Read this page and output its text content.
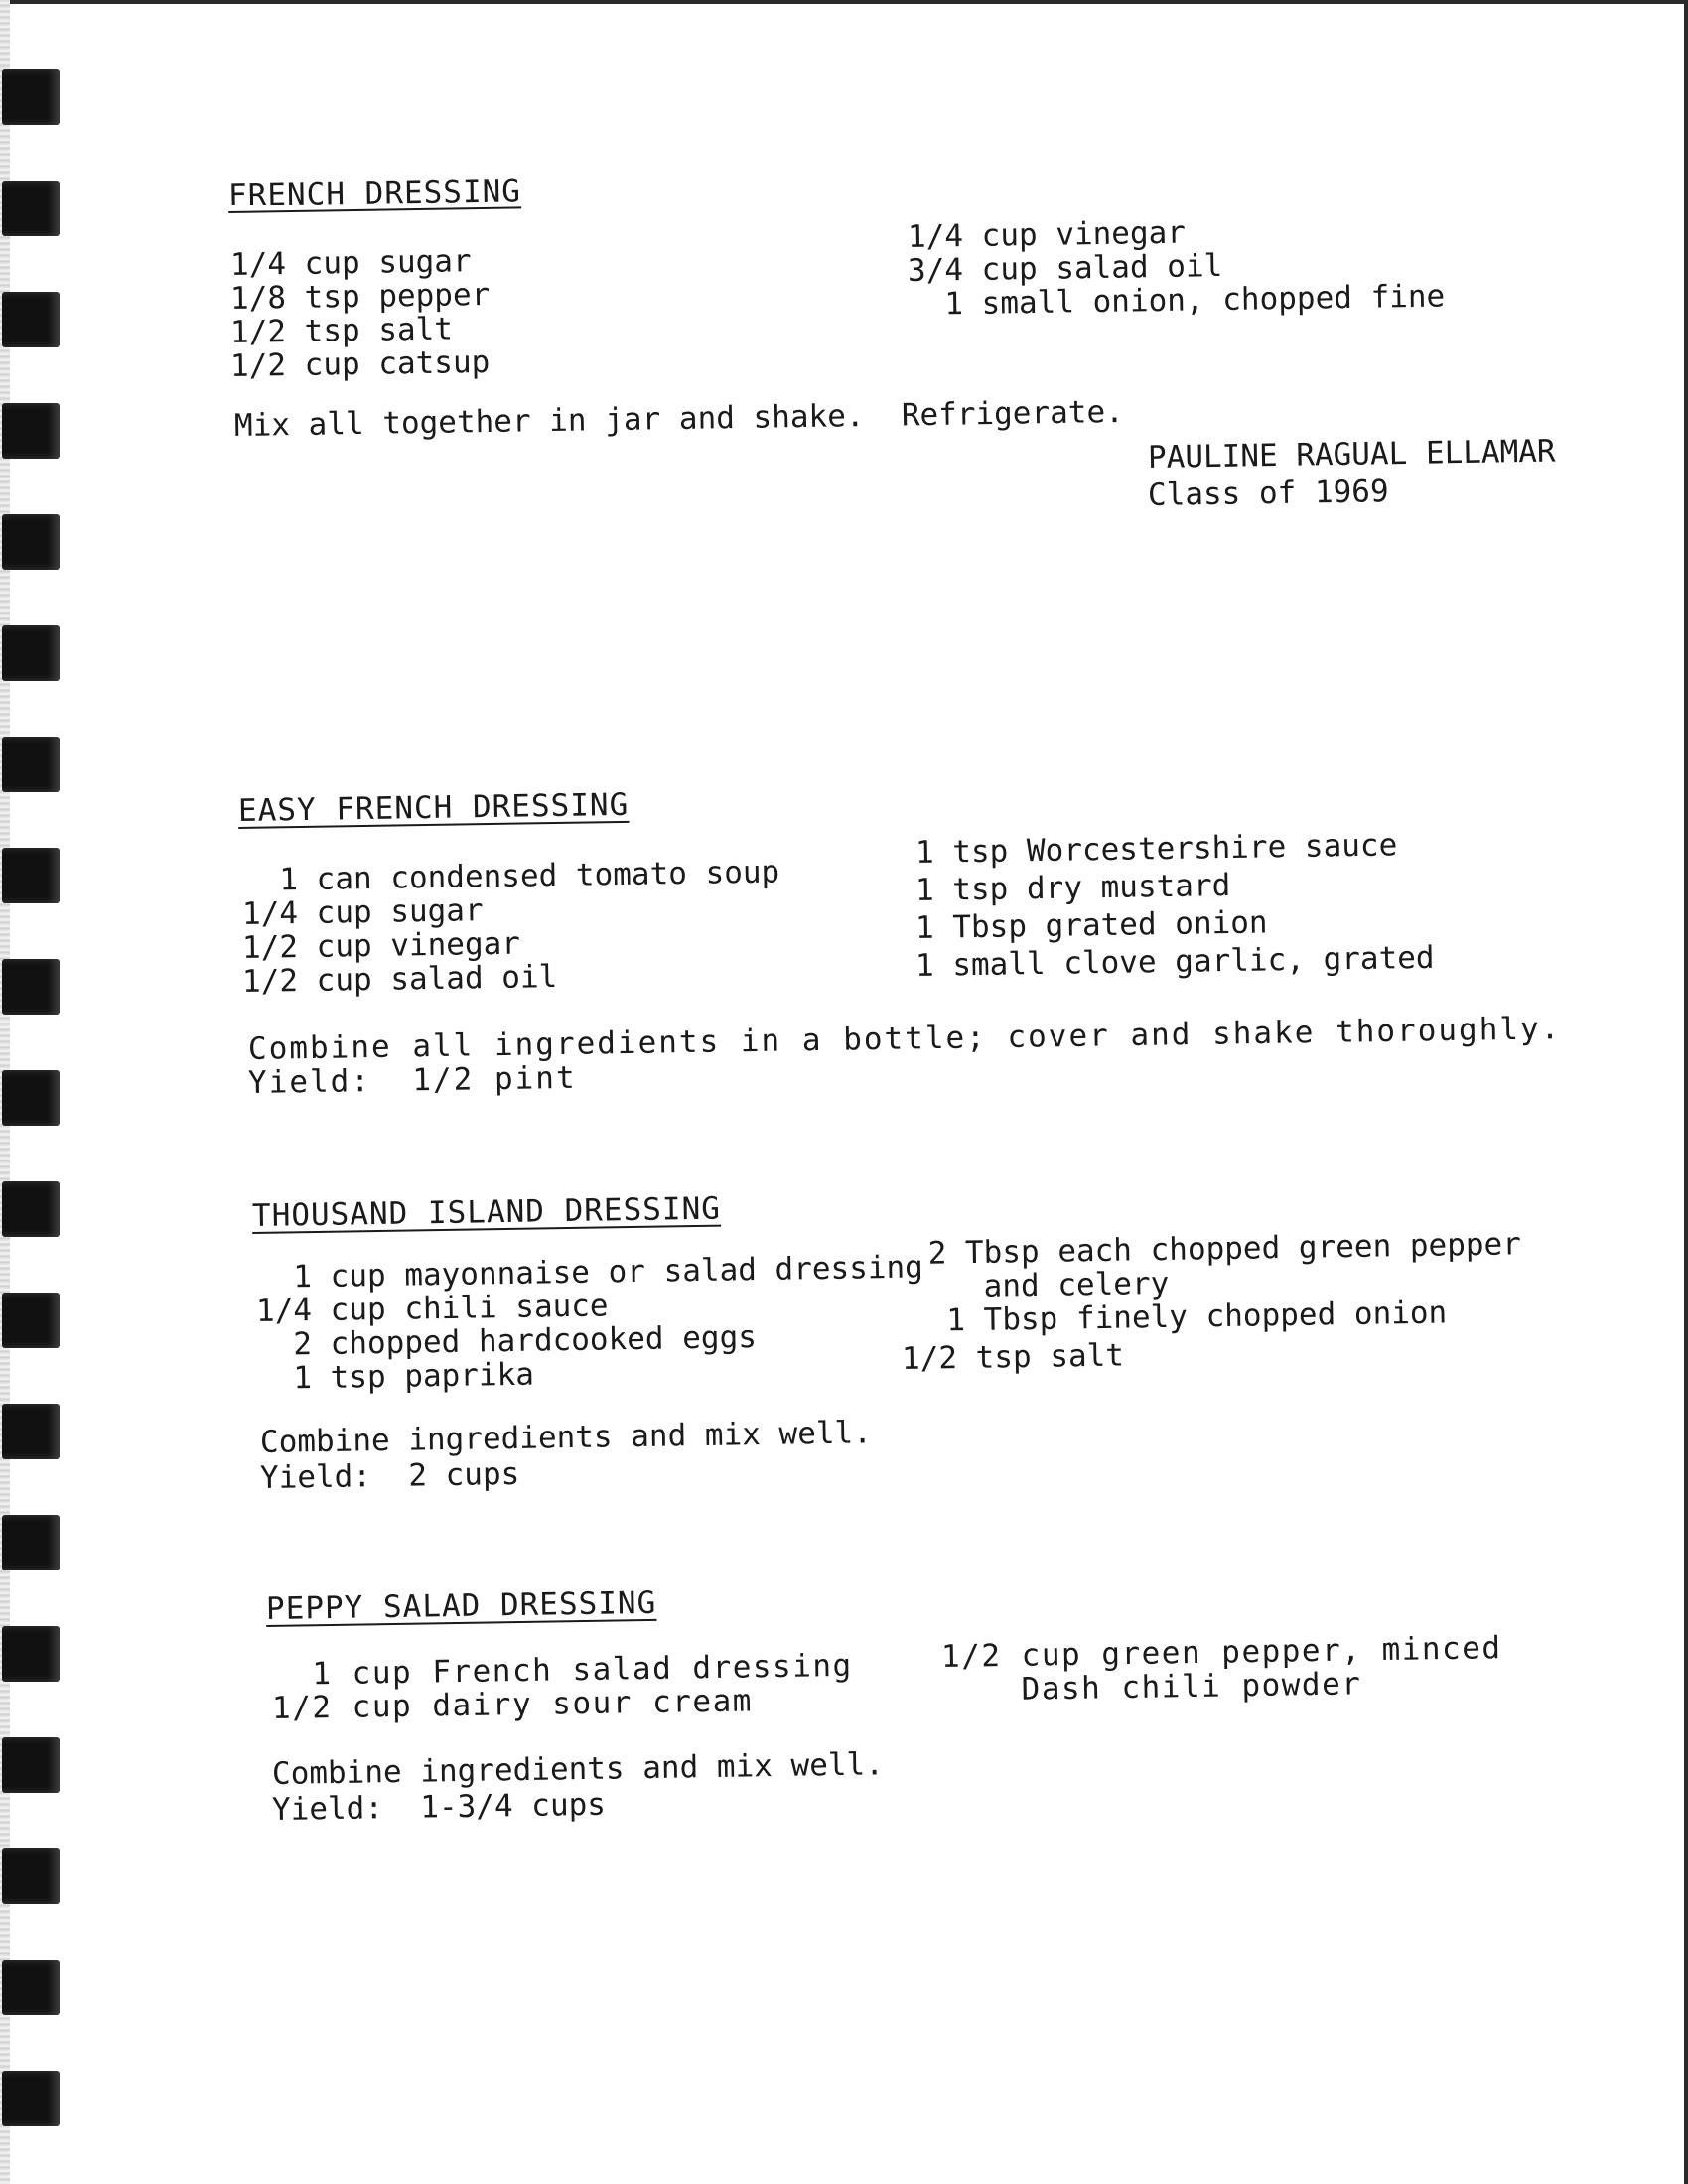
FRENCH DRESSING
1/4 cup sugar
1/8 tsp pepper
1/2 tsp salt
1/2 cup catsup
1/4 cup vinegar
3/4 cup salad oil
1 small onion, chopped fine
Mix all together in jar and shake.  Refrigerate.
PAULINE RAGUAL ELLAMAR
Class of 1969
EASY FRENCH DRESSING
1 can condensed tomato soup
1/4 cup sugar
1/2 cup vinegar
1/2 cup salad oil
1 tsp Worcestershire sauce
1 tsp dry mustard
1 Tbsp grated onion
1 small clove garlic, grated
Combine all ingredients in a bottle; cover and shake thoroughly.
Yield:  1/2 pint
THOUSAND ISLAND DRESSING
1 cup mayonnaise or salad dressing
1/4 cup chili sauce
2 chopped hardcooked eggs
1 tsp paprika
2 Tbsp each chopped green pepper
and celery
1 Tbsp finely chopped onion
1/2 tsp salt
Combine ingredients and mix well.
Yield:  2 cups
PEPPY SALAD DRESSING
1 cup French salad dressing
1/2 cup dairy sour cream
1/2 cup green pepper, minced
Dash chili powder
Combine ingredients and mix well.
Yield:  1-3/4 cups
